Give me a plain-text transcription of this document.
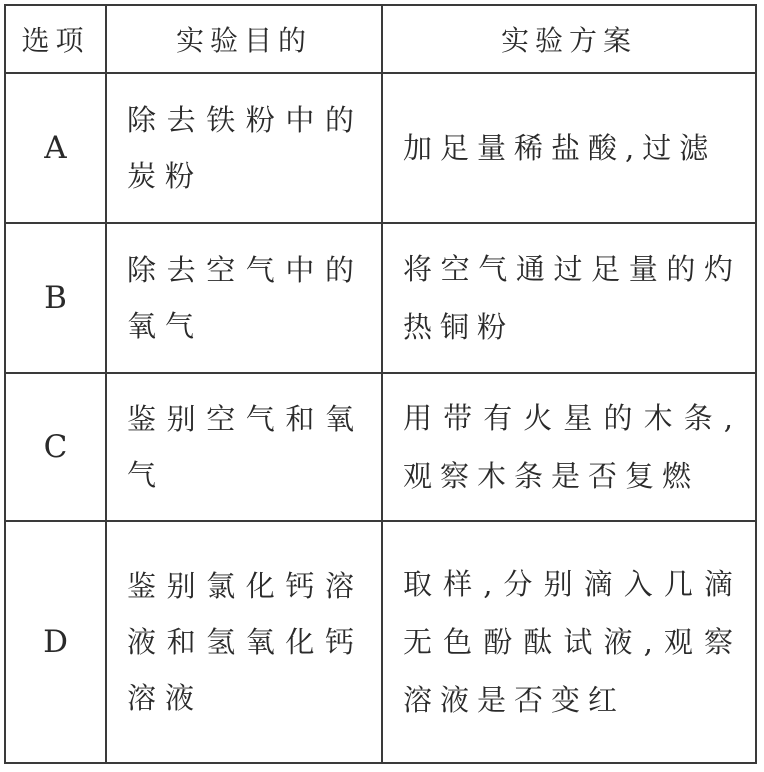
选项	实验目的	实验方案
A	除去铁粉中的炭粉	加足量稀盐酸,过滤

B	除去空气中的氧气	将空气通过足量的灼热铜粉

C	鉴别空气和氧气	用带有火星的木条,观察木条是否复燃

D	鉴别氯化钙溶液和氢氧化钙溶液	取样,分别滴入几滴无色酚酞试液,观察溶液是否变红
